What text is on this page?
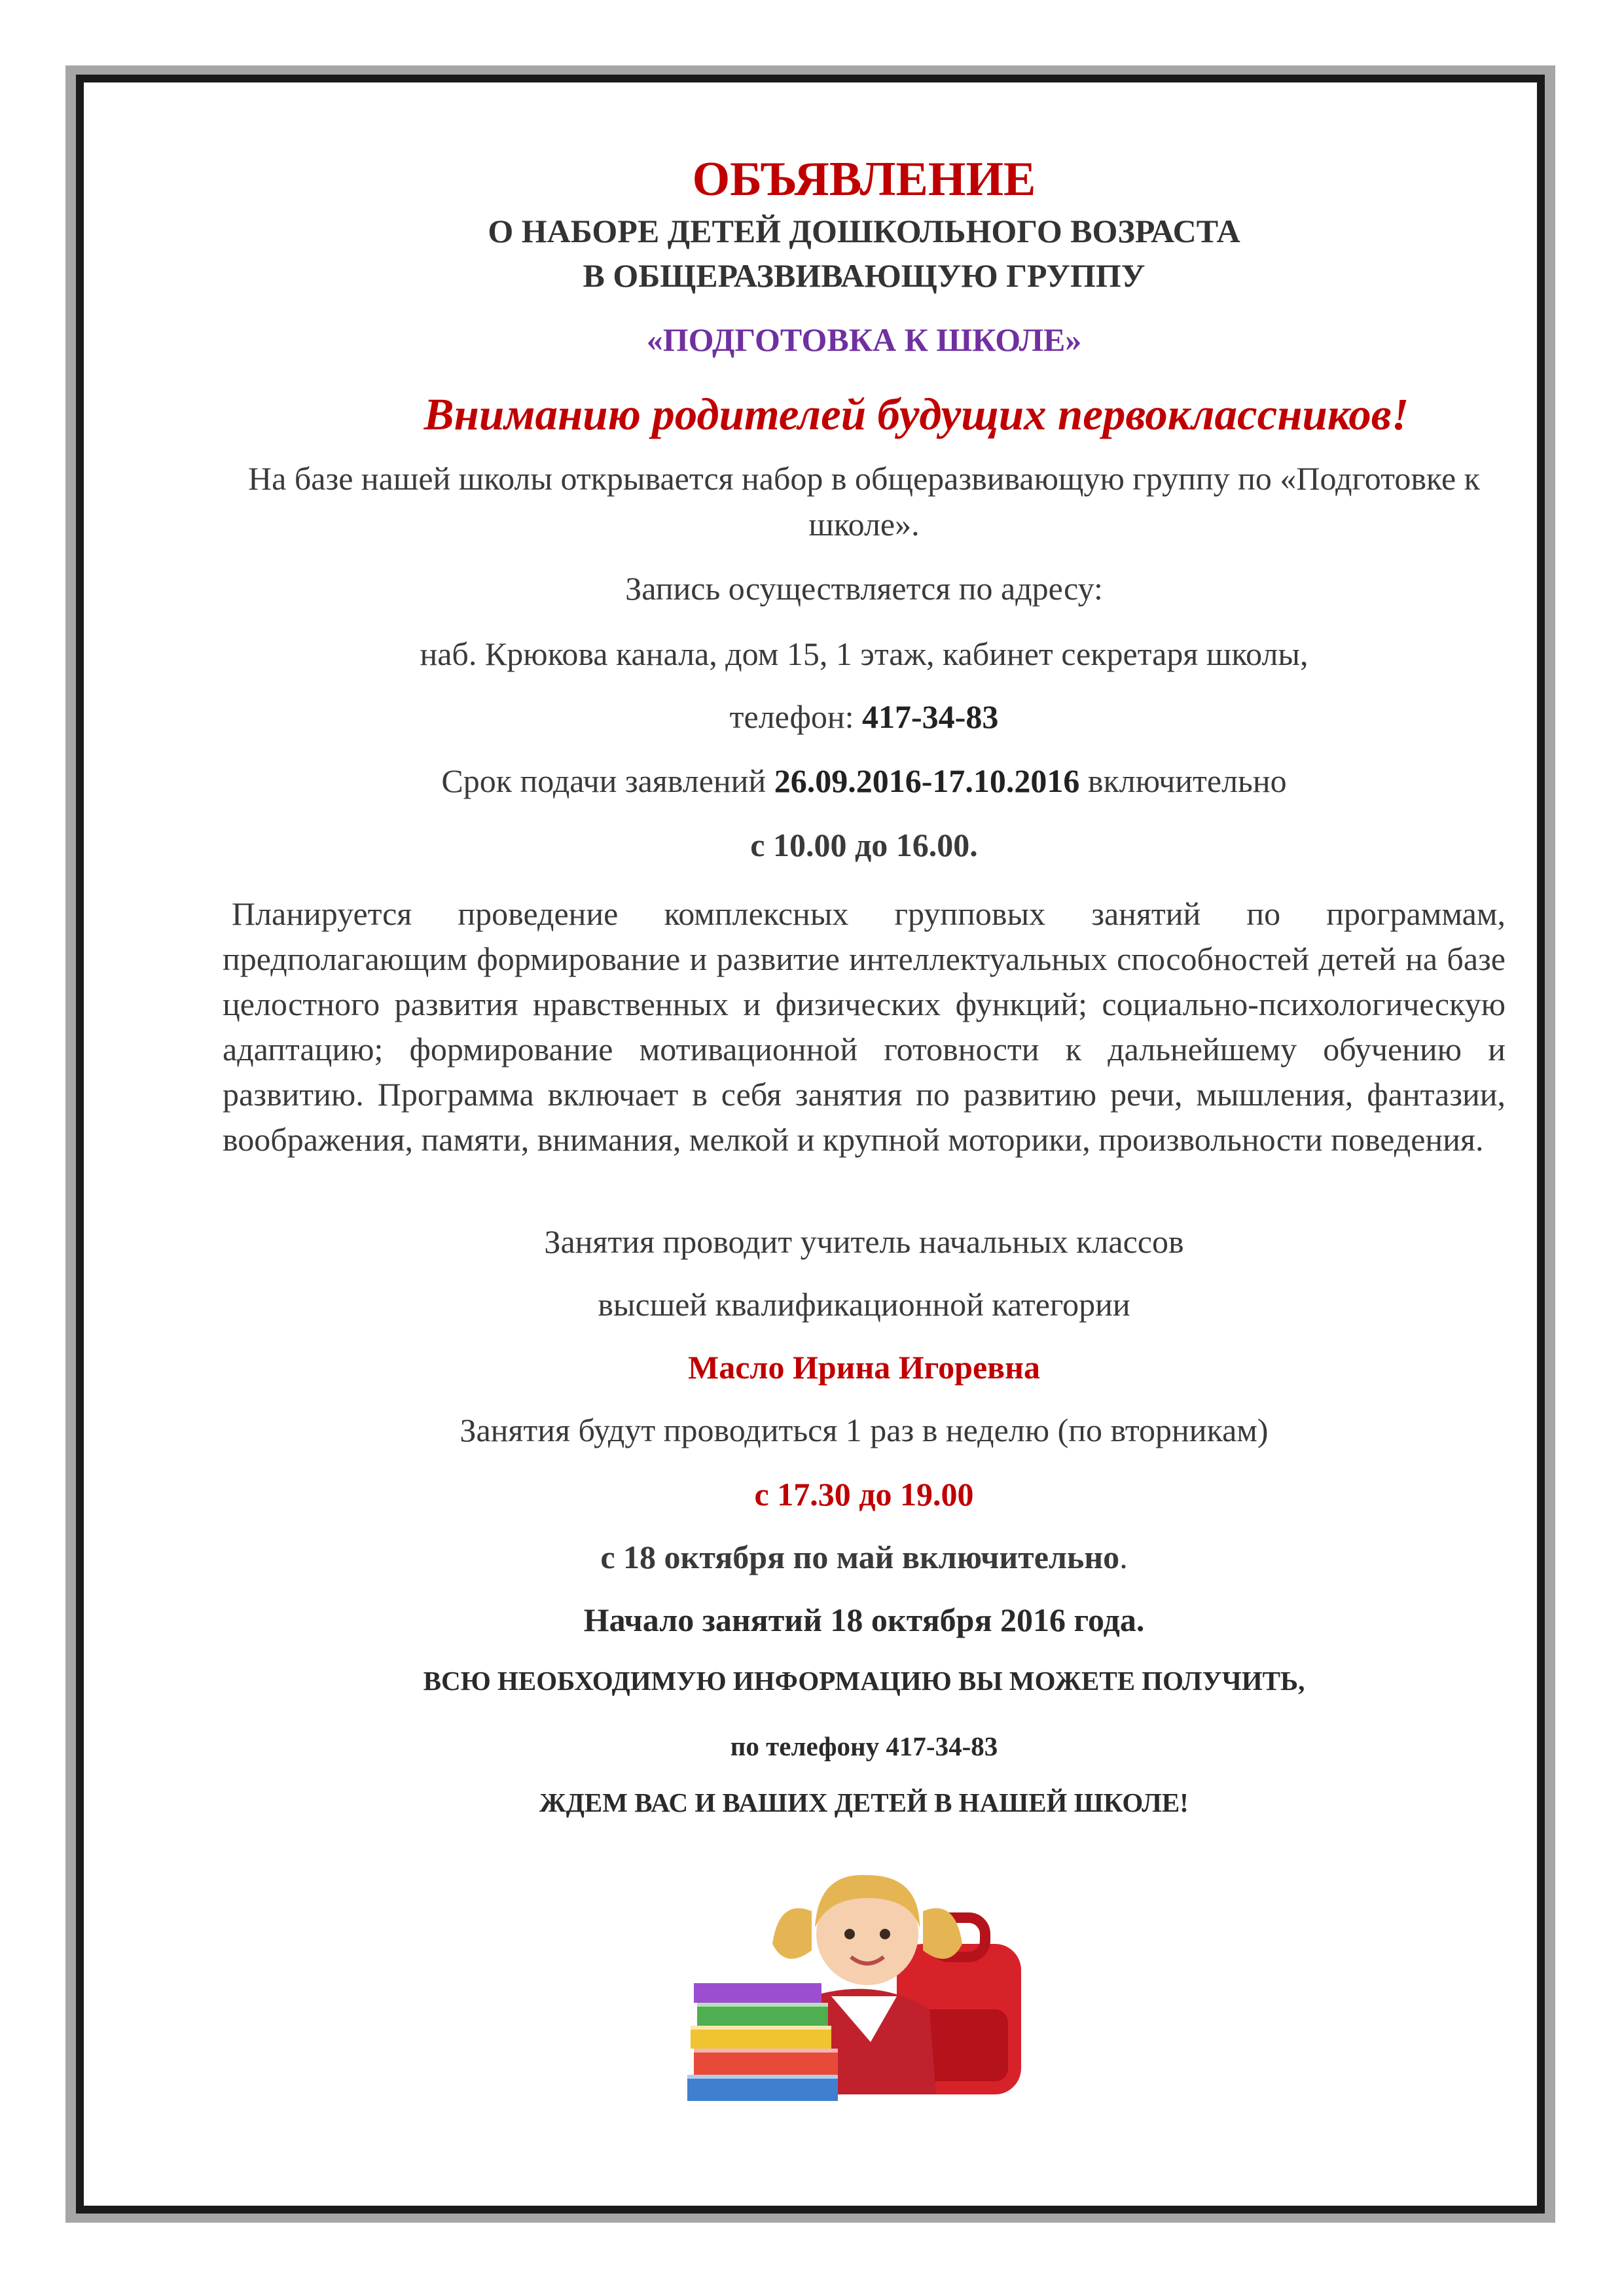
ОБЪЯВЛЕНИЕ
О НАБОРЕ ДЕТЕЙ ДОШКОЛЬНОГО ВОЗРАСТА
В ОБЩЕРАЗВИВАЮЩУЮ ГРУППУ
«ПОДГОТОВКА К ШКОЛЕ»
Вниманию родителей будущих первоклассников!
На базе нашей школы открывается набор в общеразвивающую группу по «Подготовке к школе».
Запись осуществляется по адресу:
наб. Крюкова канала, дом 15, 1 этаж, кабинет секретаря школы,
телефон: 417-34-83
Срок подачи заявлений 26.09.2016-17.10.2016 включительно
с 10.00 до 16.00.
Планируется проведение комплексных групповых занятий по программам, предполагающим формирование и развитие интеллектуальных способностей детей на базе целостного развития нравственных и физических функций; социально-психологическую адаптацию; формирование мотивационной готовности к дальнейшему обучению и развитию. Программа включает в себя занятия по развитию речи, мышления, фантазии, воображения, памяти, внимания, мелкой и крупной моторики, произвольности поведения.
Занятия проводит учитель начальных классов
высшей квалификационной категории
Масло Ирина Игоревна
Занятия будут проводиться 1 раз в неделю (по вторникам)
с 17.30 до 19.00
с 18 октября по май включительно.
Начало занятий 18 октября 2016 года.
ВСЮ НЕОБХОДИМУЮ ИНФОРМАЦИЮ ВЫ МОЖЕТЕ ПОЛУЧИТЬ,
по телефону 417-34-83
ЖДЕМ ВАС И ВАШИХ ДЕТЕЙ В НАШЕЙ ШКОЛЕ!
